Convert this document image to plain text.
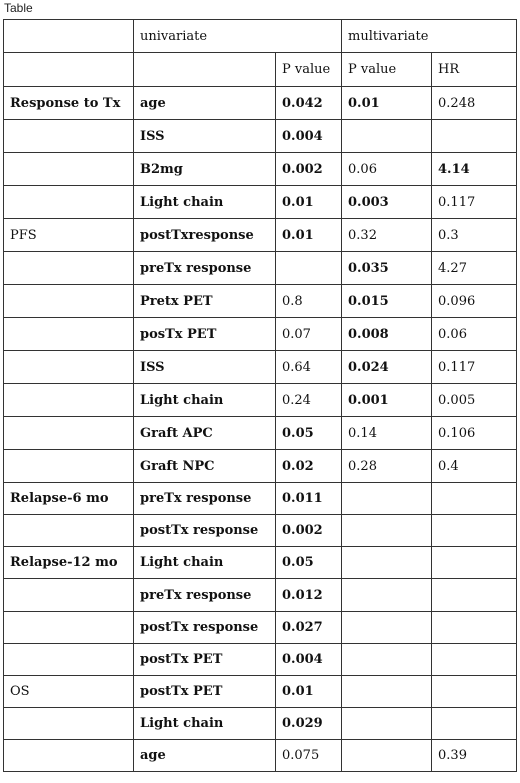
Table
	univariate		multivariate	
		P value	P value	HR
Response to Tx	age	0.042	0.01	0.248
	ISS	0.004		
	B2mg	0.002	0.06	4.14
	Light chain	0.01	0.003	0.117
PFS	postTxresponse	0.01	0.32	0.3
	preTx response		0.035	4.27
	Pretx PET	0.8	0.015	0.096
	posTx PET	0.07	0.008	0.06
	ISS	0.64	0.024	0.117
	Light chain	0.24	0.001	0.005
	Graft APC	0.05	0.14	0.106
	Graft NPC	0.02	0.28	0.4
Relapse-6 mo	preTx response	0.011		
	postTx response	0.002		
Relapse-12 mo	Light chain	0.05		
	preTx response	0.012		
	postTx response	0.027		
	postTx PET	0.004		
OS	postTx PET	0.01		
	Light chain	0.029		
	age	0.075		0.39
